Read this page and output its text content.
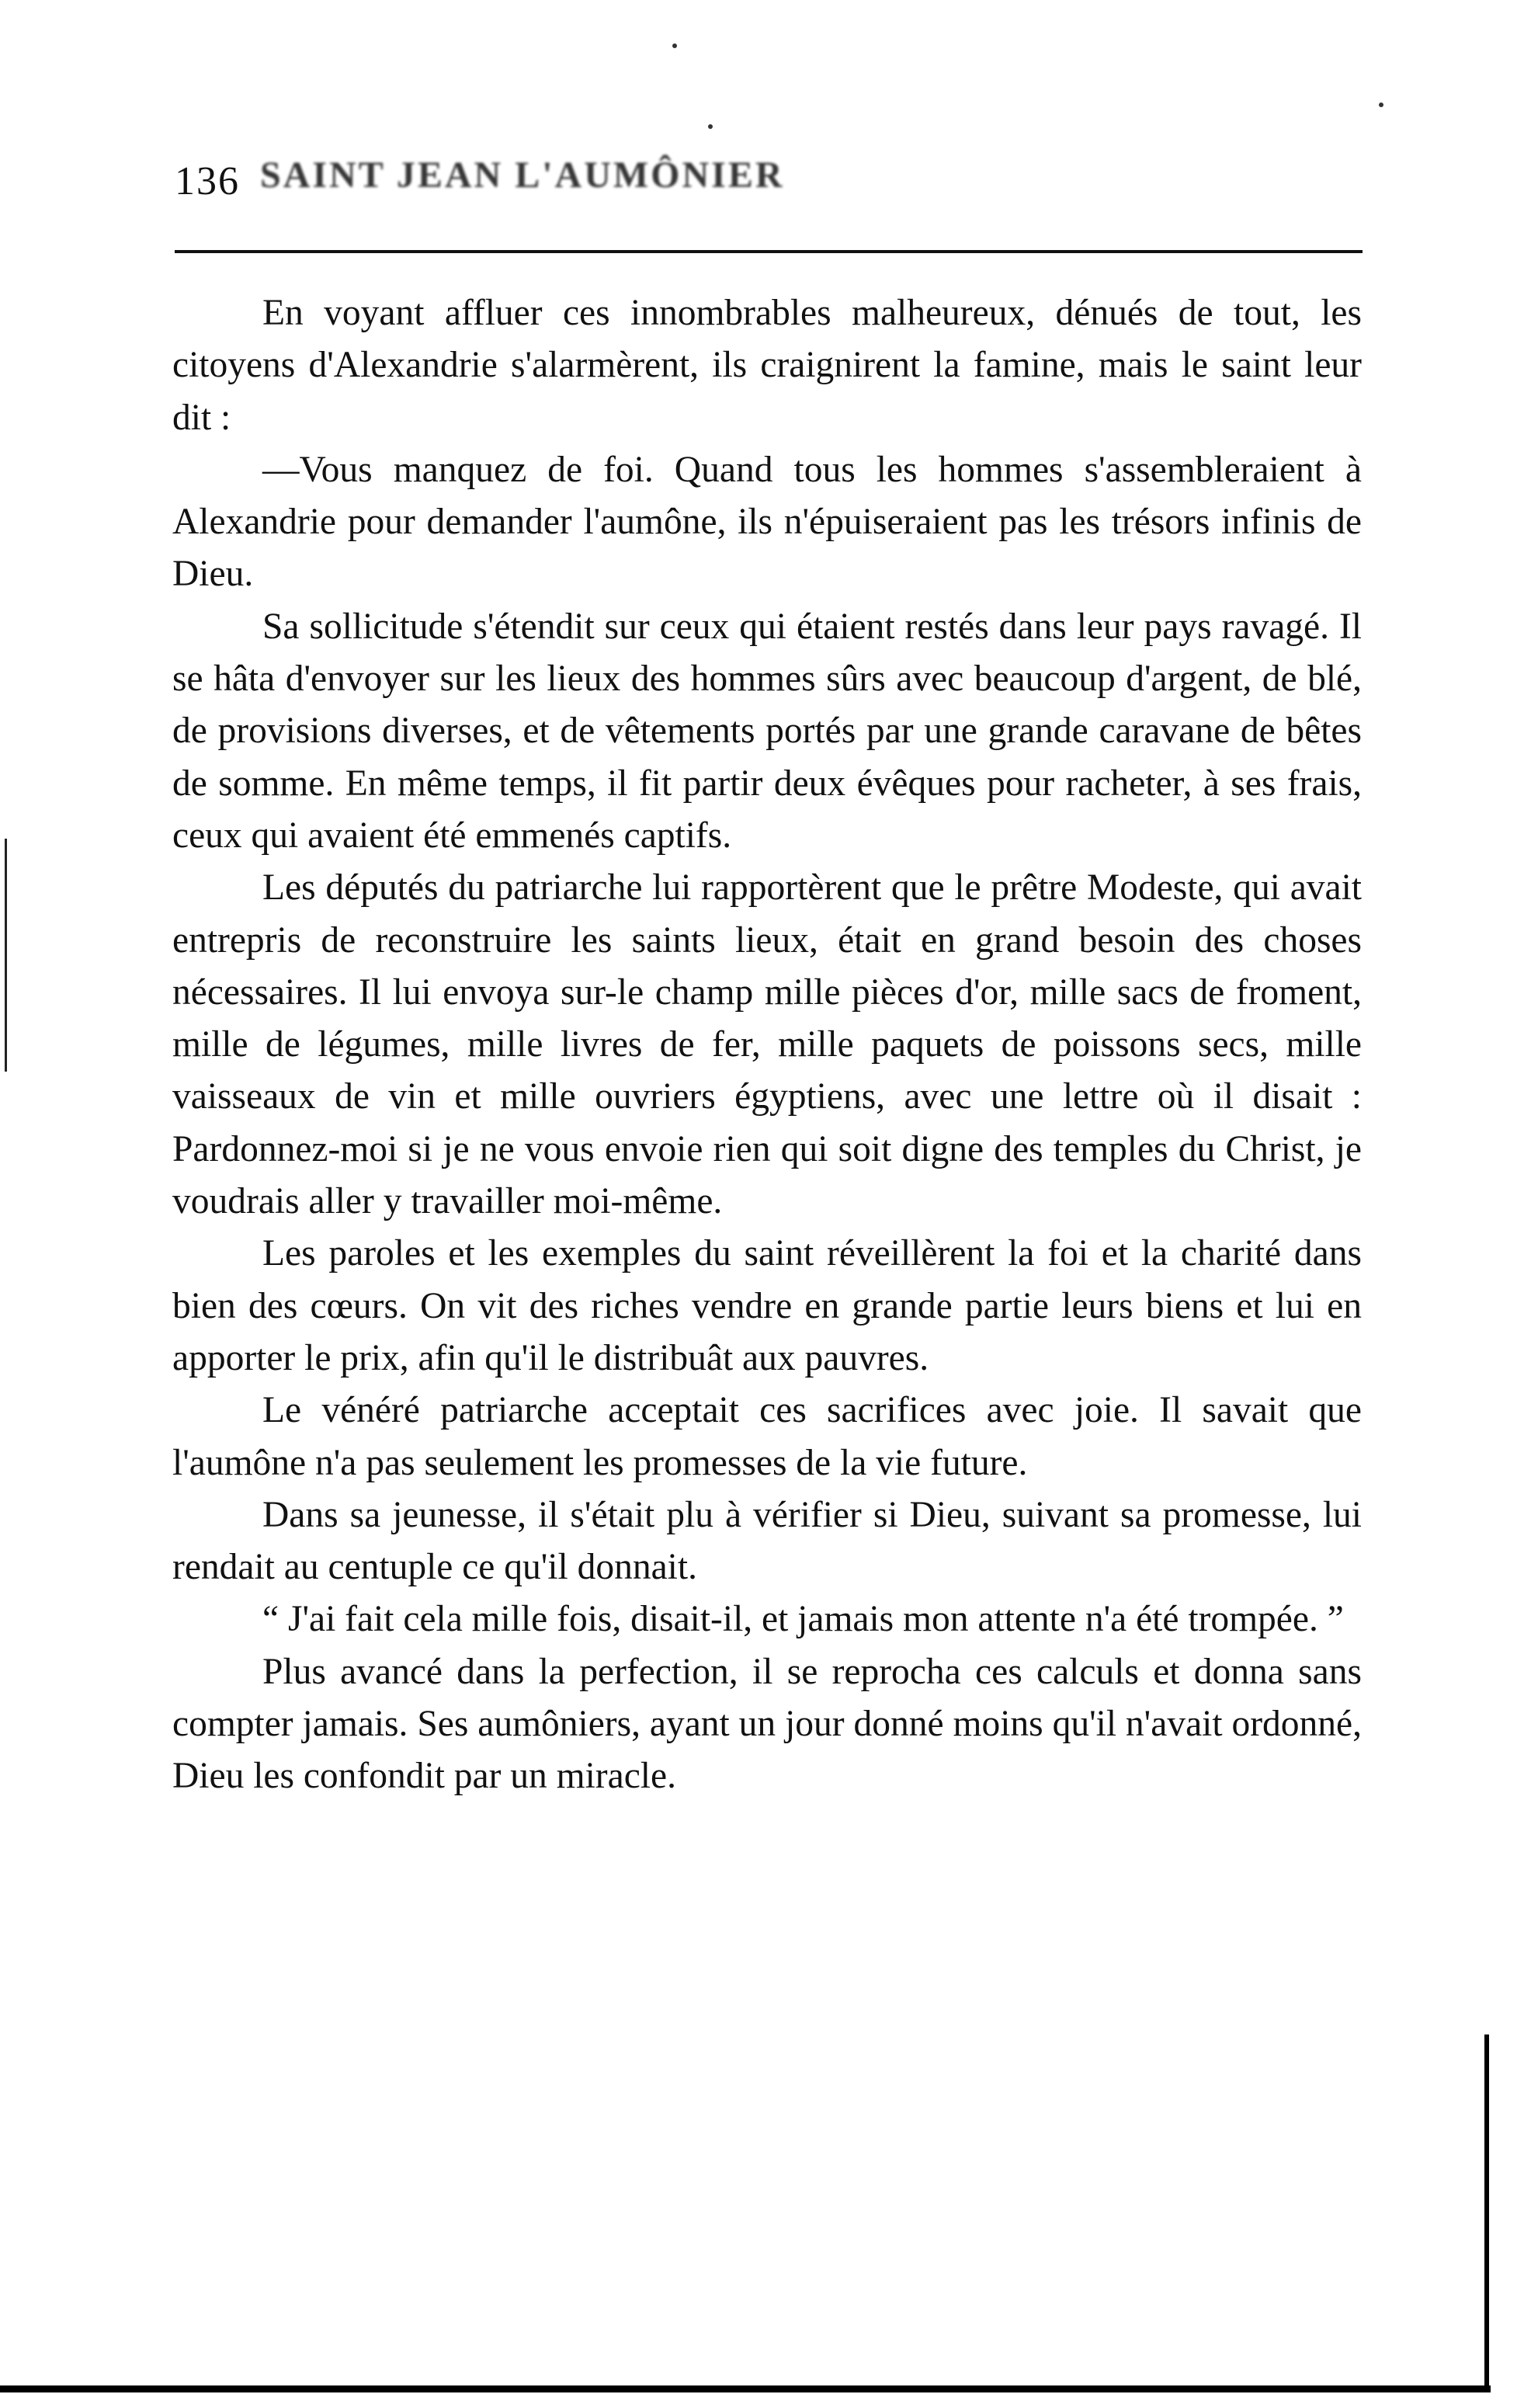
136 SAINT JEAN L'AUMÔNIER

En voyant affluer ces innombrables malheureux, dénués de tout, les citoyens d'Alexandrie s'alarmèrent, ils craignirent la famine, mais le saint leur dit :

—Vous manquez de foi. Quand tous les hommes s'assembleraient à Alexandrie pour demander l'aumône, ils n'épuiseraient pas les trésors infinis de Dieu.

Sa sollicitude s'étendit sur ceux qui étaient restés dans leur pays ravagé. Il se hâta d'envoyer sur les lieux des hommes sûrs avec beaucoup d'argent, de blé, de provisions diverses, et de vêtements portés par une grande caravane de bêtes de somme. En même temps, il fit partir deux évêques pour racheter, à ses frais, ceux qui avaient été emmenés captifs.

Les députés du patriarche lui rapportèrent que le prêtre Modeste, qui avait entrepris de reconstruire les saints lieux, était en grand besoin des choses nécessaires. Il lui envoya sur-le champ mille pièces d'or, mille sacs de froment, mille de légumes, mille livres de fer, mille paquets de poissons secs, mille vaisseaux de vin et mille ouvriers égyptiens, avec une lettre où il disait : Pardonnez-moi si je ne vous envoie rien qui soit digne des temples du Christ, je voudrais aller y travailler moi-même.

Les paroles et les exemples du saint réveillèrent la foi et la charité dans bien des cœurs. On vit des riches vendre en grande partie leurs biens et lui en apporter le prix, afin qu'il le distribuât aux pauvres.

Le vénéré patriarche acceptait ces sacrifices avec joie. Il savait que l'aumône n'a pas seulement les promesses de la vie future.

Dans sa jeunesse, il s'était plu à vérifier si Dieu, suivant sa promesse, lui rendait au centuple ce qu'il donnait.

“ J'ai fait cela mille fois, disait-il, et jamais mon attente n'a été trompée. ”

Plus avancé dans la perfection, il se reprocha ces calculs et donna sans compter jamais. Ses aumôniers, ayant un jour donné moins qu'il n'avait ordonné, Dieu les confondit par un miracle.
